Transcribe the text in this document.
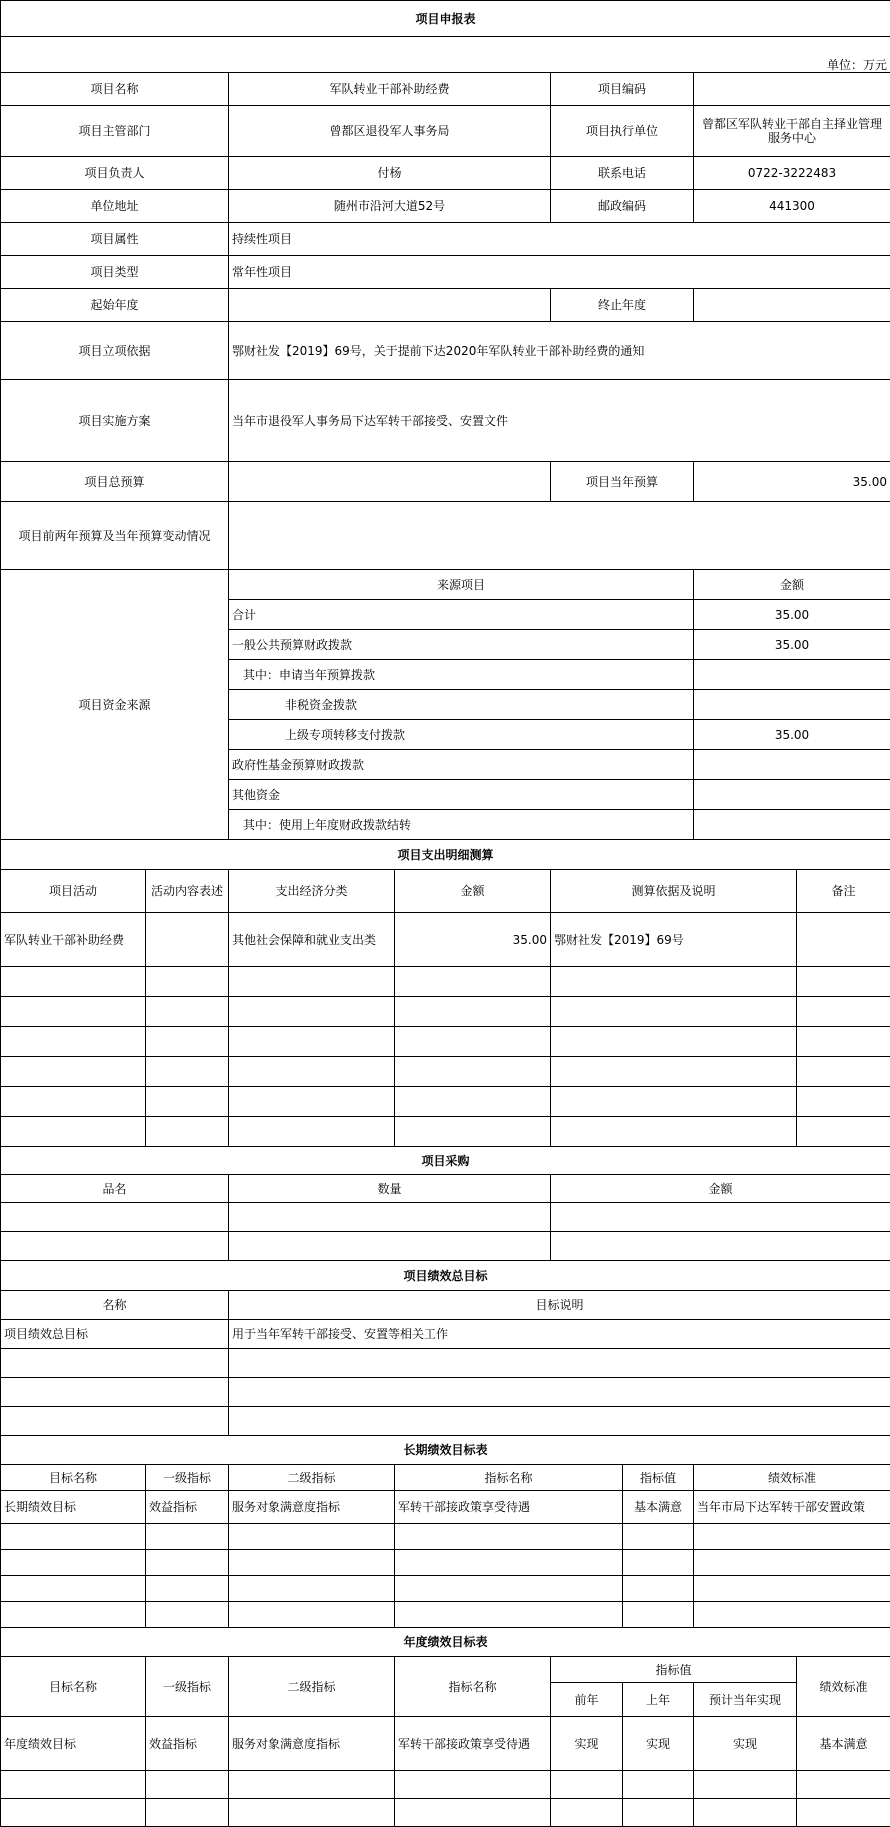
项目申报表			
单位：万元			
项目名称	军队转业干部补助经费	项目编码	
项目主管部门	曾都区退役军人事务局	项目执行单位	曾都区军队转业干部自主择业管理服务中心
项目负责人	付杨	联系电话	0722-3222483
单位地址	随州市沿河大道52号	邮政编码	441300
项目属性	持续性项目		
项目类型	常年性项目		
起始年度		终止年度	
项目立项依据	鄂财社发【2019】69号，关于提前下达2020年军队转业干部补助经费的通知		
项目实施方案	当年市退役军人事务局下达军转干部接受、安置文件		
项目总预算		项目当年预算	35.00
项目前两年预算及当年预算变动情况			
项目资金来源	来源项目		金额
	合计		35.00
	一般公共预算财政拨款		35.00
	其中：申请当年预算拨款		
	非税资金拨款		
	上级专项转移支付拨款		35.00
	政府性基金预算财政拨款		
	其他资金		
	其中：使用上年度财政拨款结转		
项目支出明细测算					
项目活动	活动内容表述	支出经济分类	金额	测算依据及说明	备注
军队转业干部补助经费		其他社会保障和就业支出类	35.00	鄂财社发【2019】69号	

项目采购		
品名	数量	金额

项目绩效总目标	
名称	目标说明
项目绩效总目标	用于当年军转干部接受、安置等相关工作

长期绩效目标表					
目标名称	一级指标	二级指标	指标名称	指标值	绩效标准
长期绩效目标	效益指标	服务对象满意度指标	军转干部接政策享受待遇	基本满意	当年市局下达军转干部安置政策

年度绩效目标表							
目标名称	一级指标	二级指标	指标名称	指标值			绩效标准
				前年	上年	预计当年实现	
年度绩效目标	效益指标	服务对象满意度指标	军转干部接政策享受待遇	实现	实现	实现	基本满意
